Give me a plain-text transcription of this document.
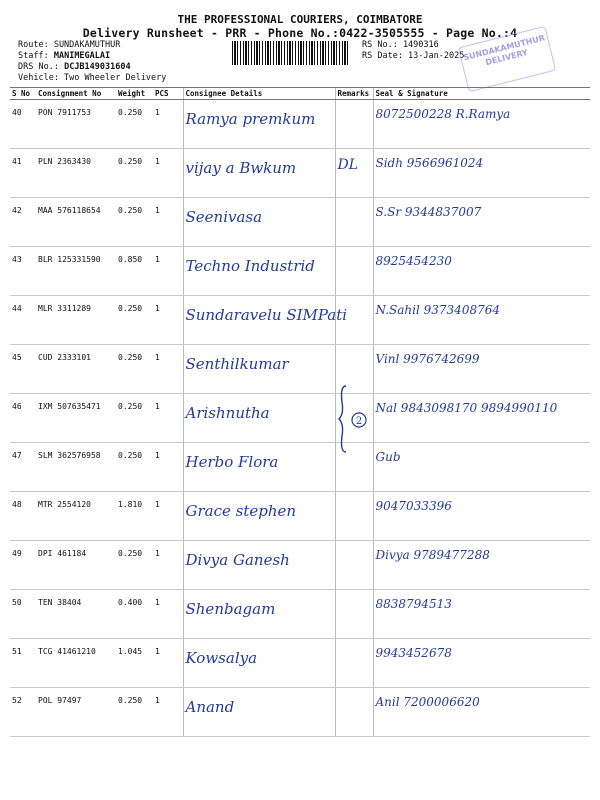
THE PROFESSIONAL COURIERS, COIMBATORE
Delivery Runsheet - PRR - Phone No.:0422-3505555 - Page No.:4
Route: SUNDAKAMUTHUR
Staff: MANIMEGALAI
DRS No.: DCJB149031604
Vehicle: Two Wheeler Delivery
RS No.: 1490316
RS Date: 13-Jan-2025
SUNDAKAMUTHUR DELIVERY
S No	Consignment No	Weight	PCS	Consignee Details	Remarks	Seal & Signature
40	PON 7911753	0.250	1	Ramya premkum		8072500228 R.Ramya
41	PLN 2363430	0.250	1	vijay a Bwkum	DL	Sidh 9566961024
42	MAA 576118654	0.250	1	Seenivasa		S.Sr 9344837007
43	BLR 125331590	0.850	1	Techno Industrid		8925454230
44	MLR 3311289	0.250	1	Sundaravelu SIMPati		N.Sahil 9373408764
45	CUD 2333101	0.250	1	Senthilkumar		Vinl 9976742699
46	IXM 507635471	0.250	1	Arishnutha		Nal 9843098170 9894990110
47	SLM 362576958	0.250	1	Herbo Flora		Gub
48	MTR 2554120	1.810	1	Grace stephen		9047033396
49	DPI 461184	0.250	1	Divya Ganesh		Divya 9789477288
50	TEN 38404	0.400	1	Shenbagam		8838794513
51	TCG 41461210	1.045	1	Kowsalya		9943452678
52	POL 97497	0.250	1	Anand		Anil 7200006620
2
